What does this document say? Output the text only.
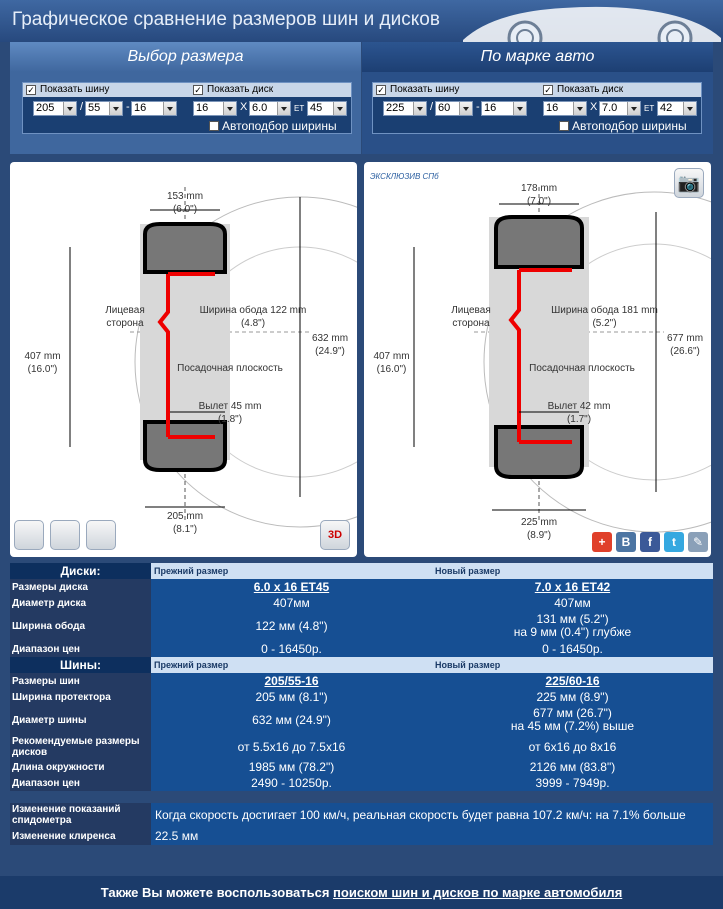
Графическое сравнение размеров шин и дисков
Выбор размера	По марке авто
✓ Показать шину	✓ Показать диск
205	/ 55	- 16	16	X 6.0	ET 45
Автоподбор ширины
✓ Показать шину	✓ Показать диск
225	/ 60	- 16	16	X 7.0	ET 42
Автоподбор ширины
153 mm
(6.0")
Лицевая
сторона
Ширина обода 122 mm
(4.8")
407 mm
(16.0")
632 mm
(24.9")
Посадочная плоскость
Вылет 45 mm
(1.8")
205 mm
(8.1")	3D
ЭКСКЛЮЗИВ СПб	📷
178 mm
(7.0")
Лицевая
сторона
Ширина обода 181 mm
(5.2")
407 mm
(16.0")
677 mm
(26.6")
Посадочная плоскость
Вылет 42 mm
(1.7")
225 mm
(8.9")	+	B	f	t	✎
Диски:	Прежний размер	Новый размер
Размеры диска	6.0 x 16 ET45	7.0 x 16 ET42
Диаметр диска	407мм	407мм
Ширина обода	122 мм (4.8")	131 мм (5.2")
на 9 мм (0.4") глубже
Диапазон цен	0 - 16450р.	0 - 16450р.
Шины:	Прежний размер	Новый размер
Размеры шин	205/55-16	225/60-16
Ширина протектора	205 мм (8.1")	225 мм (8.9")
Диаметр шины	632 мм (24.9")	677 мм (26.7")
на 45 мм (7.2%) выше
Рекомендуемые размеры дисков	от 5.5x16 до 7.5x16	от 6x16 до 8x16
Длина окружности	1985 мм (78.2")	2126 мм (83.8")
Диапазон цен	2490 - 10250р.	3999 - 7949р.
Изменение показаний спидометра	Когда скорость достигает 100 км/ч, реальная скорость будет равна 107.2 км/ч: на 7.1% больше
Изменение клиренса	22.5 мм
Также Вы можете воспользоваться поиском шин и дисков по марке автомобиля
